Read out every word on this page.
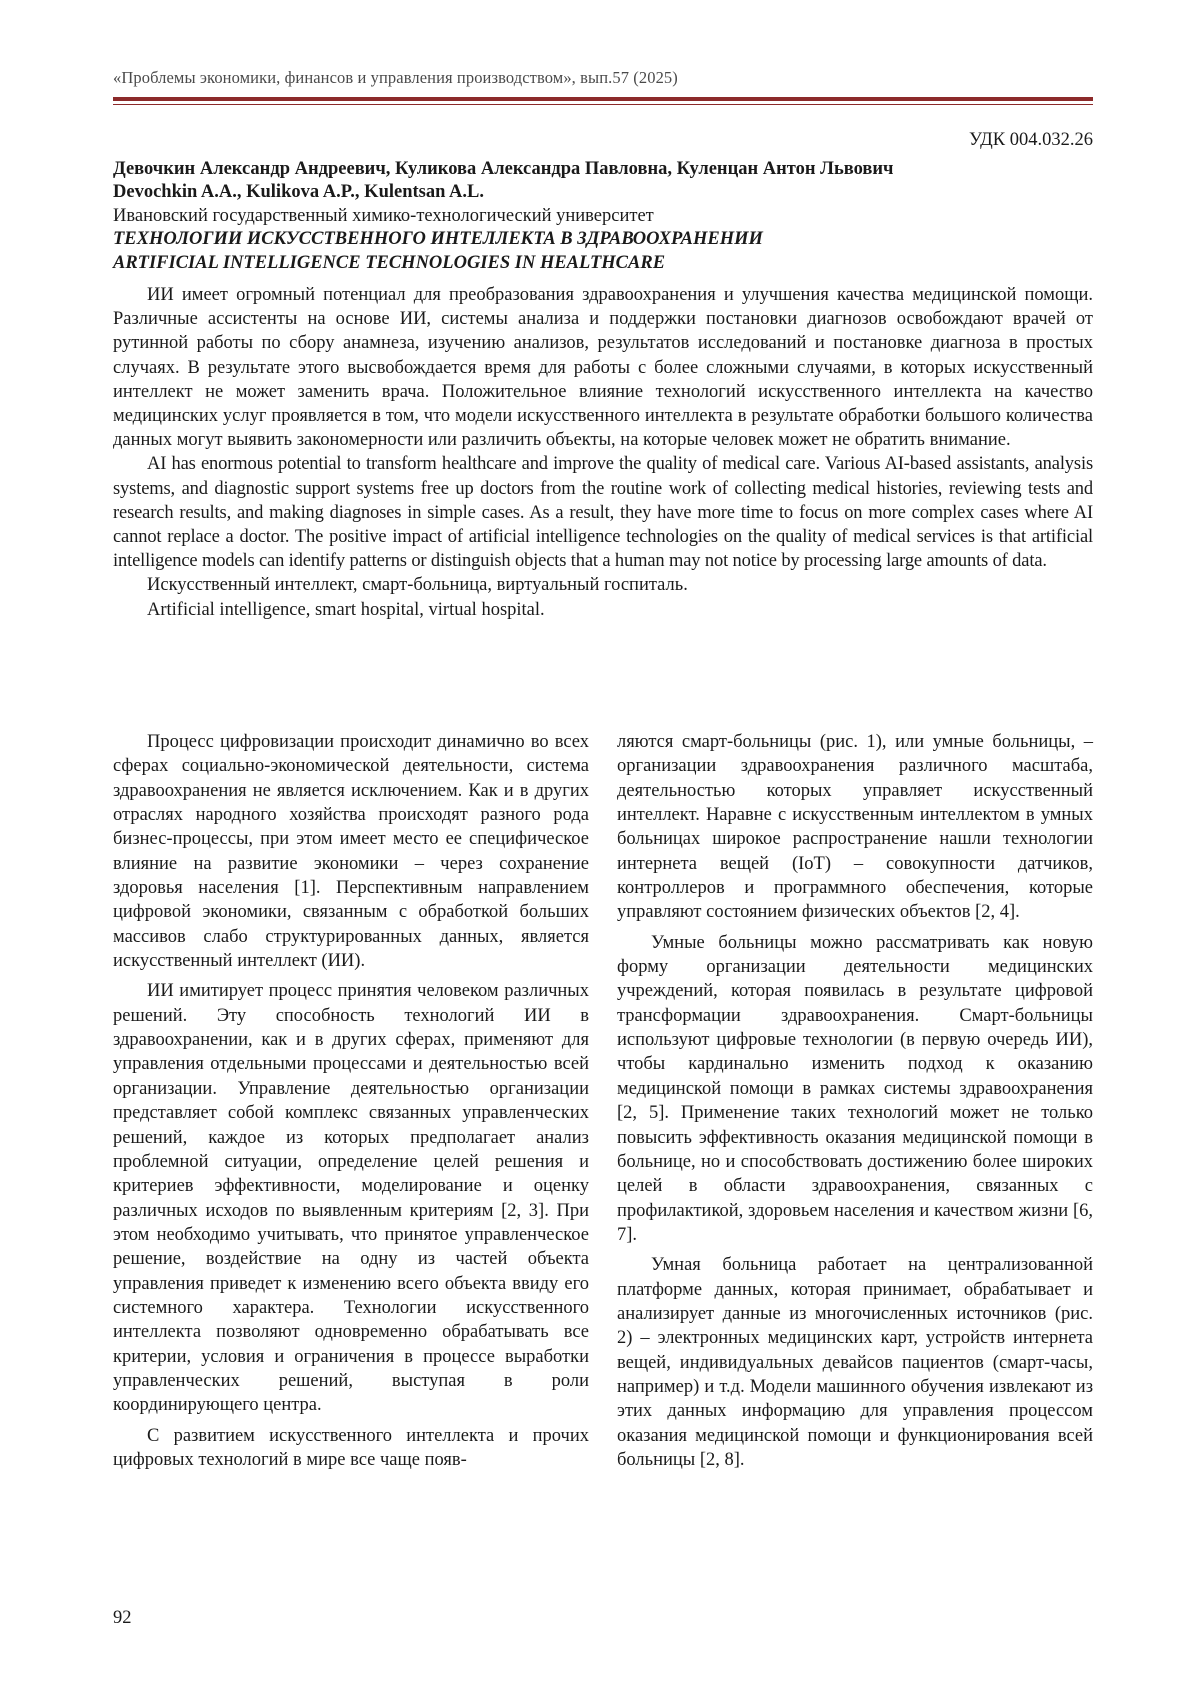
«Проблемы экономики, финансов и управления производством», вып.57 (2025)
УДК 004.032.26
Девочкин Александр Андреевич, Куликова Александра Павловна, Куленцан Антон Львович
Devochkin A.A., Kulikova A.P., Kulentsan A.L.
Ивановский государственный химико-технологический университет
ТЕХНОЛОГИИ ИСКУССТВЕННОГО ИНТЕЛЛЕКТА В ЗДРАВООХРАНЕНИИ
ARTIFICIAL INTELLIGENCE TECHNOLOGIES IN HEALTHCARE

ИИ имеет огромный потенциал для преобразования здравоохранения и улучшения качества медицинской помощи. Различные ассистенты на основе ИИ, системы анализа и поддержки постановки диагнозов освобождают врачей от рутинной работы по сбору анамнеза, изучению анализов, результатов исследований и постановке диагноза в простых случаях. В результате этого высвобождается время для работы с более сложными случаями, в которых искусственный интеллект не может заменить врача. Положительное влияние технологий искусственного интеллекта на качество медицинских услуг проявляется в том, что модели искусственного интеллекта в результате обработки большого количества данных могут выявить закономерности или различить объекты, на которые человек может не обратить внимание.

AI has enormous potential to transform healthcare and improve the quality of medical care. Various AI-based assistants, analysis systems, and diagnostic support systems free up doctors from the routine work of collecting medical histories, reviewing tests and research results, and making diagnoses in simple cases. As a result, they have more time to focus on more complex cases where AI cannot replace a doctor. The positive impact of artificial intelligence technologies on the quality of medical services is that artificial intelligence models can identify patterns or distinguish objects that a human may not notice by processing large amounts of data.

Искусственный интеллект, смарт-больница, виртуальный госпиталь.

Artificial intelligence, smart hospital, virtual hospital.

Процесс цифровизации происходит динамично во всех сферах социально-экономической деятельности, система здравоохранения не является исключением. Как и в других отраслях народного хозяйства происходят разного рода бизнес-процессы, при этом имеет место ее специфическое влияние на развитие экономики – через сохранение здоровья населения [1]. Перспективным направлением цифровой экономики, связанным с обработкой больших массивов слабо структурированных данных, является искусственный интеллект (ИИ).

ИИ имитирует процесс принятия человеком различных решений. Эту способность технологий ИИ в здравоохранении, как и в других сферах, применяют для управления отдельными процессами и деятельностью всей организации. Управление деятельностью организации представляет собой комплекс связанных управленческих решений, каждое из которых предполагает анализ проблемной ситуации, определение целей решения и критериев эффективности, моделирование и оценку различных исходов по выявленным критериям [2, 3]. При этом необходимо учитывать, что принятое управленческое решение, воздействие на одну из частей объекта управления приведет к изменению всего объекта ввиду его системного характера. Технологии искусственного интеллекта позволяют одновременно обрабатывать все критерии, условия и ограничения в процессе выработки управленческих решений, выступая в роли координирующего центра.

С развитием искусственного интеллекта и прочих цифровых технологий в мире все чаще появ-

ляются смарт-больницы (рис. 1), или умные больницы, – организации здравоохранения различного масштаба, деятельностью которых управляет искусственный интеллект. Наравне с искусственным интеллектом в умных больницах широкое распространение нашли технологии интернета вещей (IoT) – совокупности датчиков, контроллеров и программного обеспечения, которые управляют состоянием физических объектов [2, 4].

Умные больницы можно рассматривать как новую форму организации деятельности медицинских учреждений, которая появилась в результате цифровой трансформации здравоохранения. Смарт-больницы используют цифровые технологии (в первую очередь ИИ), чтобы кардинально изменить подход к оказанию медицинской помощи в рамках системы здравоохранения [2, 5]. Применение таких технологий может не только повысить эффективность оказания медицинской помощи в больнице, но и способствовать достижению более широких целей в области здравоохранения, связанных с профилактикой, здоровьем населения и качеством жизни [6, 7].

Умная больница работает на централизованной платформе данных, которая принимает, обрабатывает и анализирует данные из многочисленных источников (рис. 2) – электронных медицинских карт, устройств интернета вещей, индивидуальных девайсов пациентов (смарт-часы, например) и т.д. Модели машинного обучения извлекают из этих данных информацию для управления процессом оказания медицинской помощи и функционирования всей больницы [2, 8].

92
